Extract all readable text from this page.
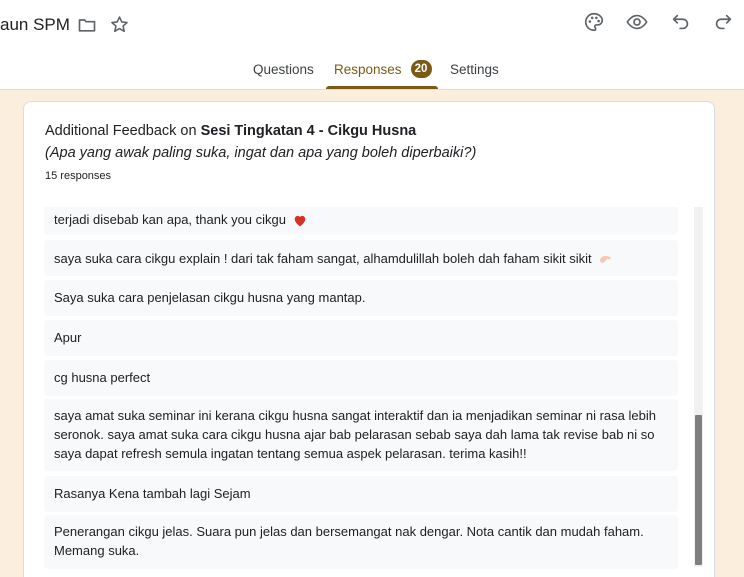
aun SPM
Questions Responses	20	Settings
Additional Feedback on Sesi Tingkatan 4 - Cikgu Husna
(Apa yang awak paling suka, ingat dan apa yang boleh diperbaiki?)
15 responses
terjadi disebab kan apa, thank you cikgu
saya suka cara cikgu explain ! dari tak faham sangat, alhamdulillah boleh dah faham sikit sikit
Saya suka cara penjelasan cikgu husna yang mantap.
Apur
cg husna perfect
saya amat suka seminar ini kerana cikgu husna sangat interaktif dan ia menjadikan seminar ni rasa lebih seronok. saya amat suka cara cikgu husna ajar bab pelarasan sebab saya dah lama tak revise bab ni so saya dapat refresh semula ingatan tentang semua aspek pelarasan. terima kasih!!
Rasanya Kena tambah lagi Sejam
Penerangan cikgu jelas. Suara pun jelas dan bersemangat nak dengar. Nota cantik dan mudah faham. Memang suka.
